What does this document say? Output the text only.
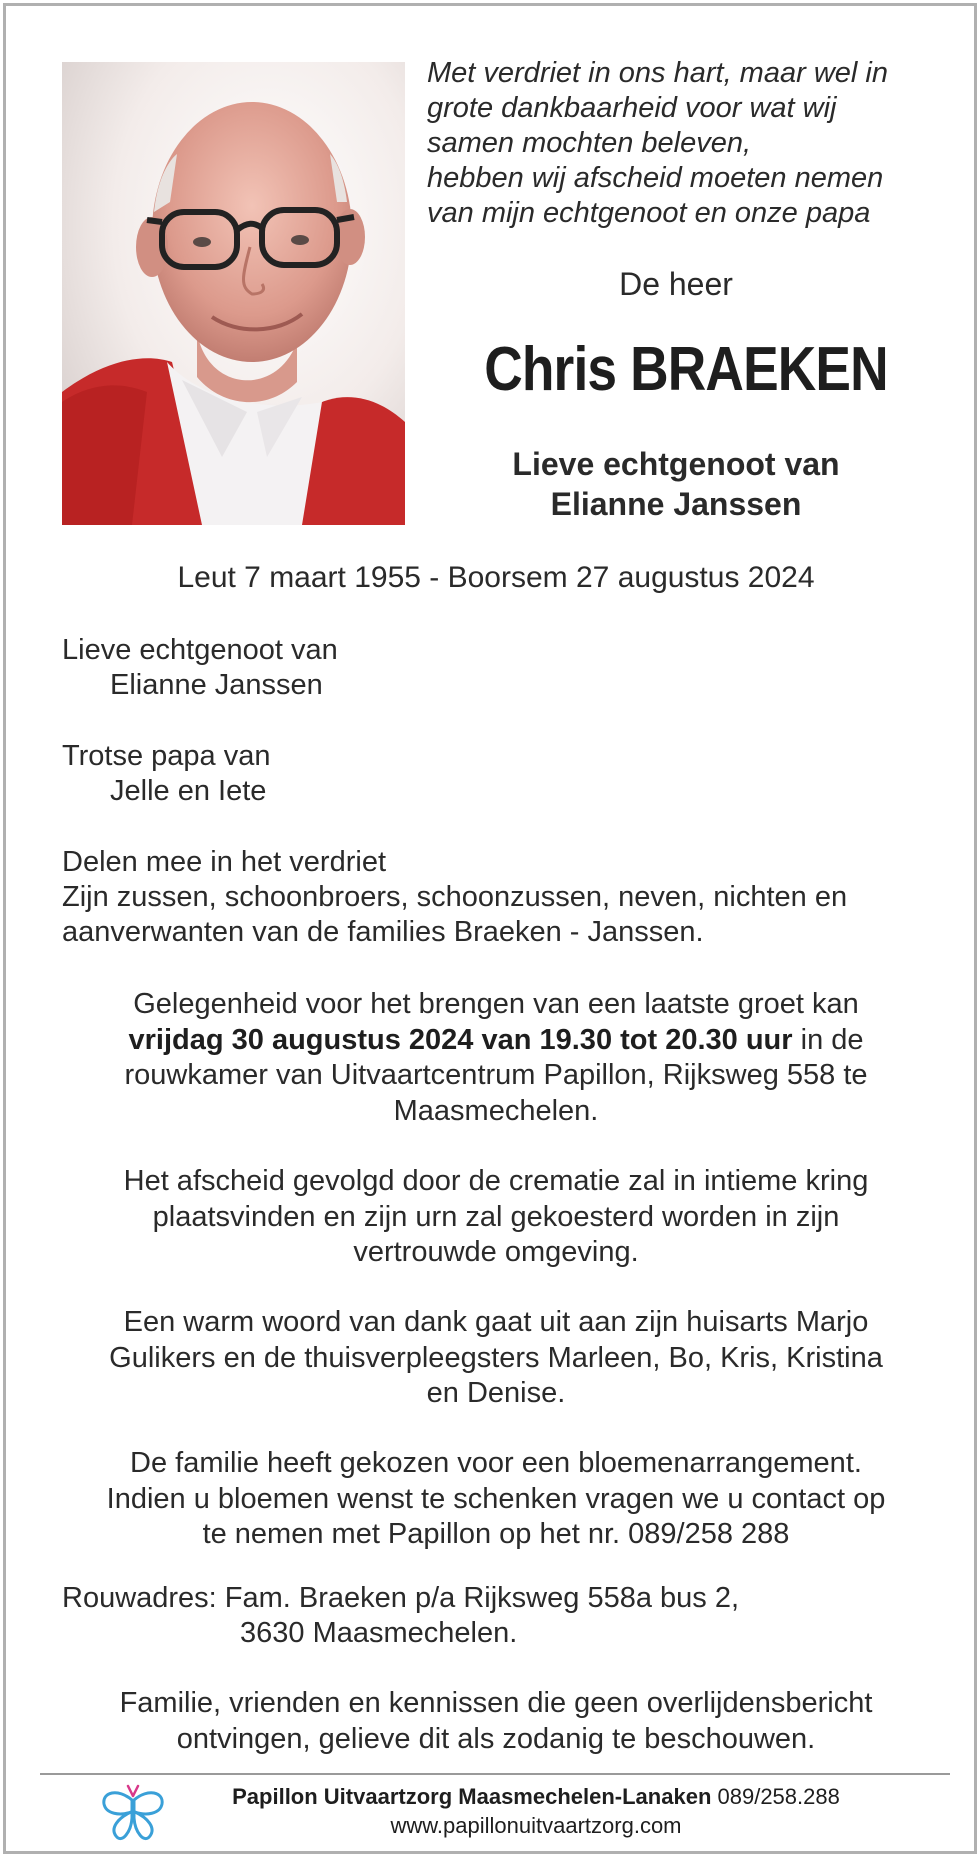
Met verdriet in ons hart, maar wel in
grote dankbaarheid voor wat wij
samen mochten beleven,
hebben wij afscheid moeten nemen
van mijn echtgenoot en onze papa
De heer
Chris BRAEKEN
Lieve echtgenoot van
Elianne Janssen
Leut 7 maart 1955 - Boorsem 27 augustus 2024
Lieve echtgenoot van
Elianne Janssen
Trotse papa van
Jelle en Iete
Delen mee in het verdriet
Zijn zussen, schoonbroers, schoonzussen, neven, nichten en
aanverwanten van de families Braeken - Janssen.
Gelegenheid voor het brengen van een laatste groet kan
vrijdag 30 augustus 2024 van 19.30 tot 20.30 uur in de
rouwkamer van Uitvaartcentrum Papillon, Rijksweg 558 te
Maasmechelen.
Het afscheid gevolgd door de crematie zal in intieme kring
plaatsvinden en zijn urn zal gekoesterd worden in zijn
vertrouwde omgeving.
Een warm woord van dank gaat uit aan zijn huisarts Marjo
Gulikers en de thuisverpleegsters Marleen, Bo, Kris, Kristina
en Denise.
De familie heeft gekozen voor een bloemenarrangement.
Indien u bloemen wenst te schenken vragen we u contact op
te nemen met Papillon op het nr. 089/258 288
Rouwadres: Fam. Braeken p/a Rijksweg 558a bus 2,
3630 Maasmechelen.
Familie, vrienden en kennissen die geen overlijdensbericht
ontvingen, gelieve dit als zodanig te beschouwen.
Papillon Uitvaartzorg Maasmechelen-Lanaken 089/258.288
www.papillonuitvaartzorg.com
